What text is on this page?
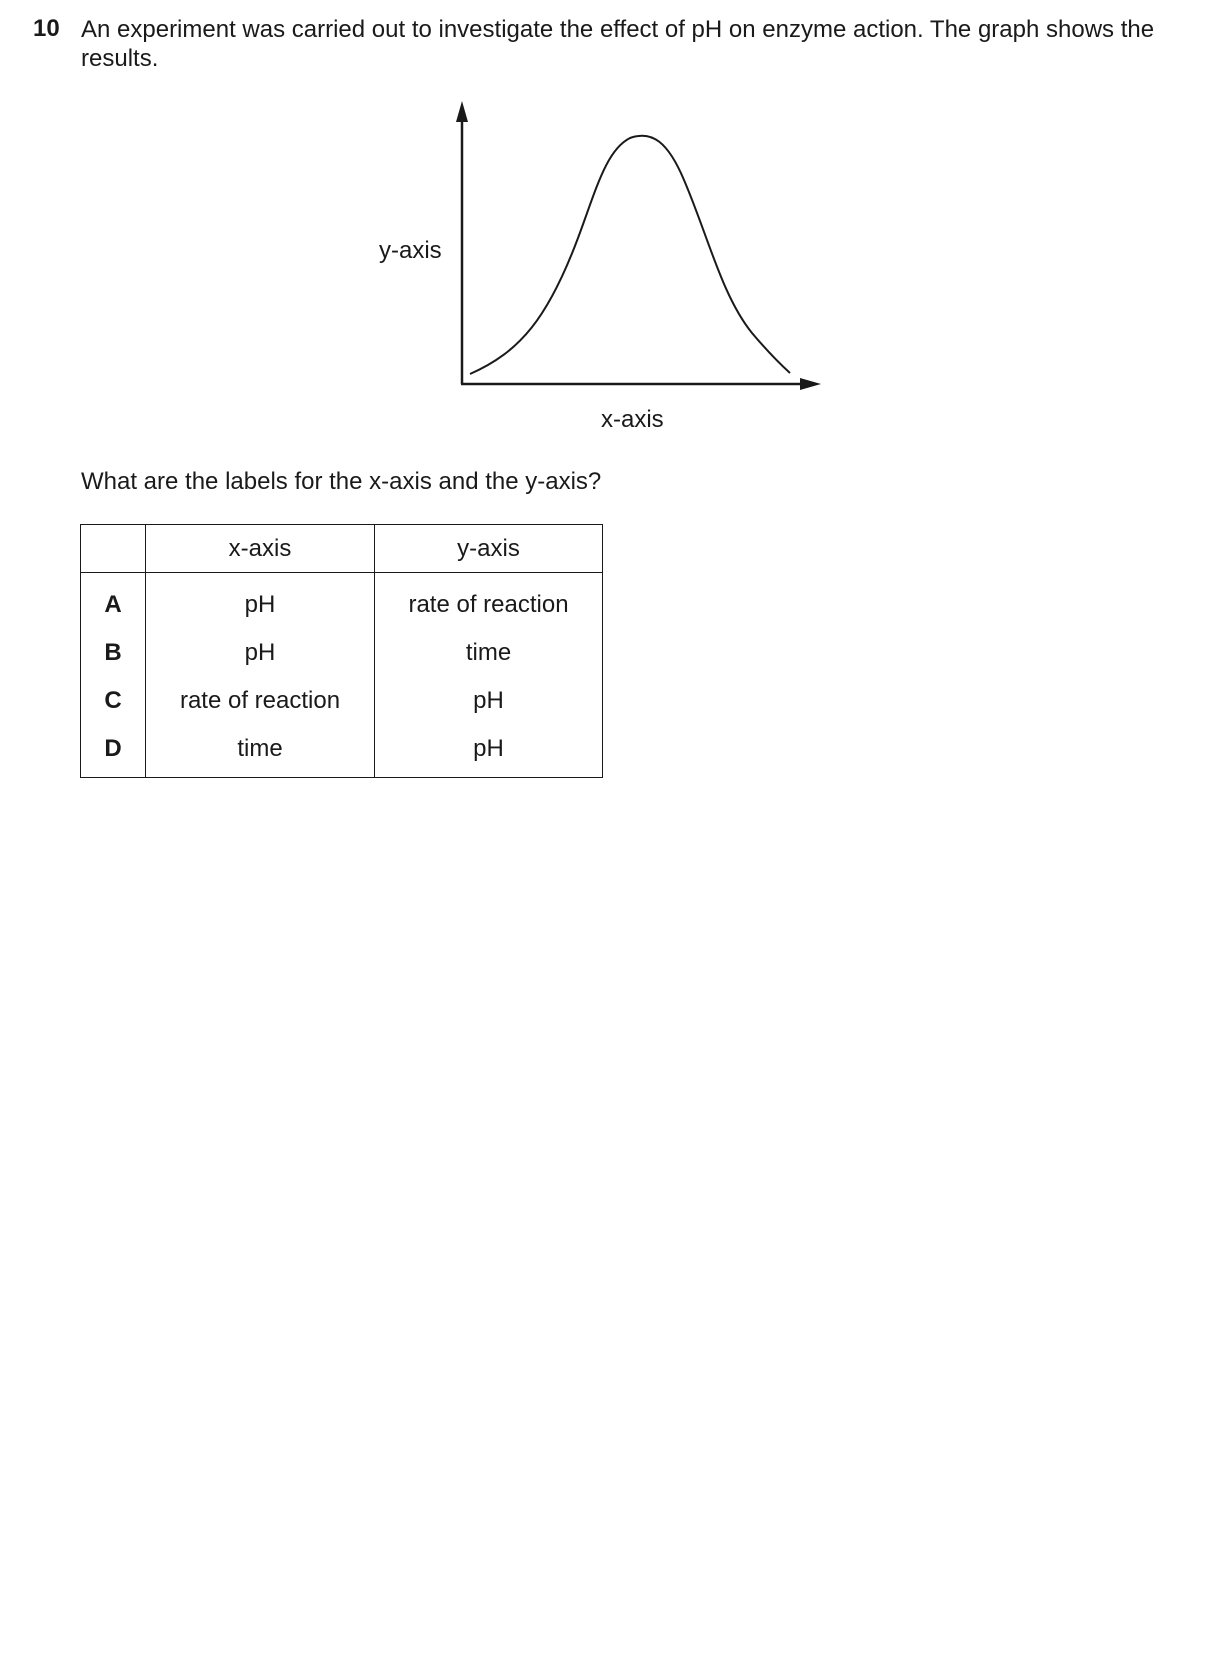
10 An experiment was carried out to investigate the effect of pH on enzyme action. The graph shows the results.
y-axis
x-axis
What are the labels for the x-axis and the y-axis?
	x-axis	y-axis
A	pH	rate of reaction
B	pH	time
C	rate of reaction	pH
D	time	pH
